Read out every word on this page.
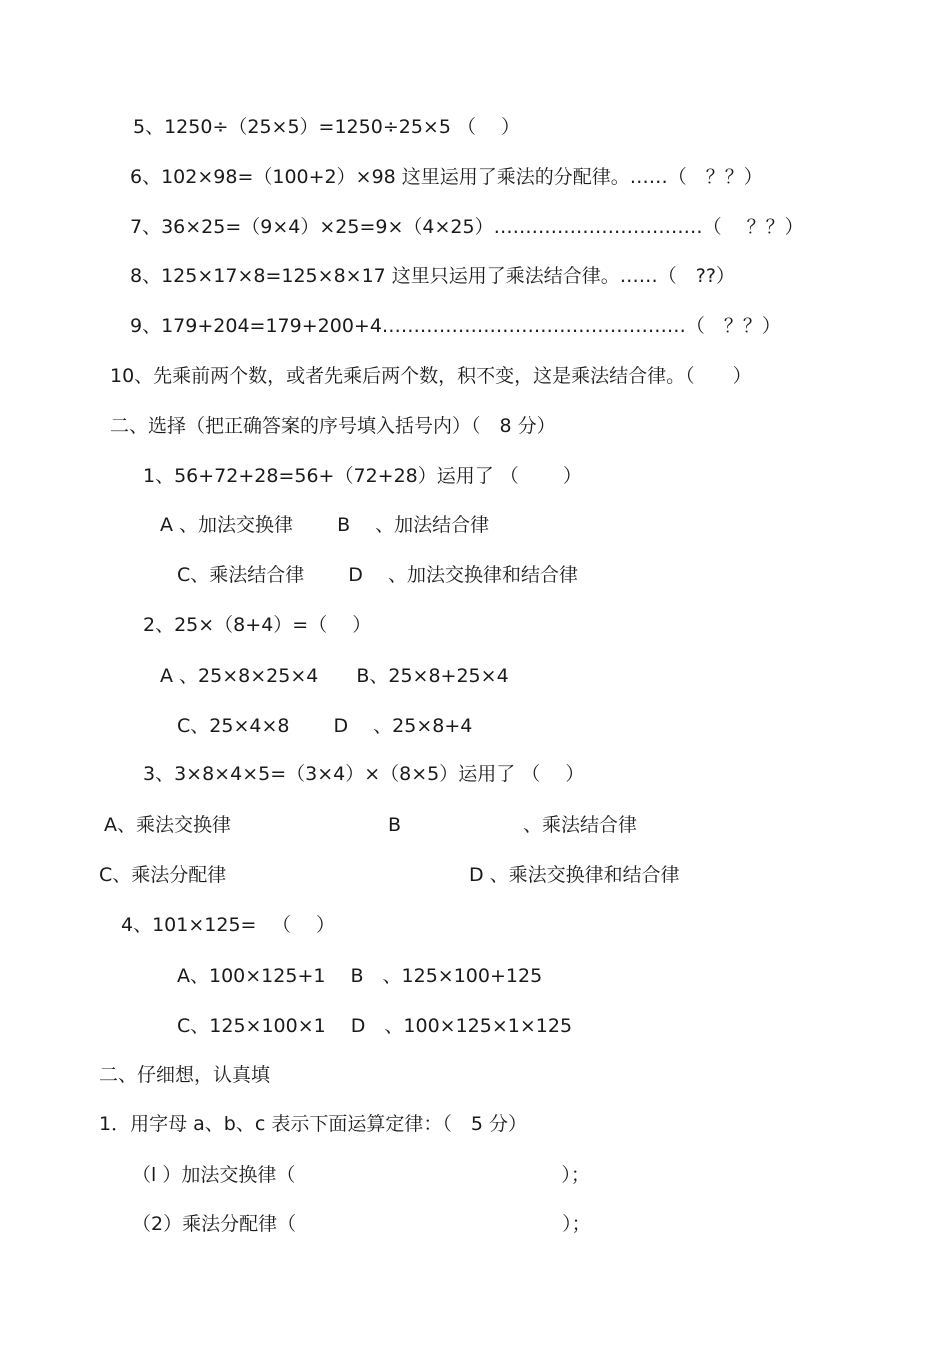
5、1250÷（25×5）=1250÷25×5 （　 ）
6、102×98=（100+2）×98 这里运用了乘法的分配律。……（　？？）
7、36×25=（9×4）×25=9×（4×25）……………………………（　 ？？）
8、125×17×8=125×8×17 这里只运用了乘法结合律。……（　??）
9、179+204=179+200+4…………………………………………（　？？）
10、先乘前两个数，或者先乘后两个数，积不变，这是乘法结合律。（　　）
二、选择（把正确答案的序号填入括号内）（　8 分）
1、56+72+28=56+（72+28）运用了 （　　 ）
A 、加法交换律　　 B　 、加法结合律
C、乘法结合律　　 D　 、加法交换律和结合律
2、25×（8+4）=（　 ）
A 、25×8×25×4　　B、25×8+25×4
C、25×4×8　　 D　 、25×8+4
3、3×8×4×5=（3×4）×（8×5）运用了 （　 ）
A、乘法交换律	B	、乘法结合律
C、乘法分配律	D 、乘法交换律和结合律
4、101×125= 　（　 ）
A、100×125+1　 B　、125×100+125
C、125×100×1　 D　、100×125×1×125
二、仔细想，认真填
1．用字母 a、b、c 表示下面运算定律：（　5 分）
（l ）加法交换律（　　　　　　　　　　　　　　）；
（2）乘法分配律（　　　　　　　　　　　　　　）；
